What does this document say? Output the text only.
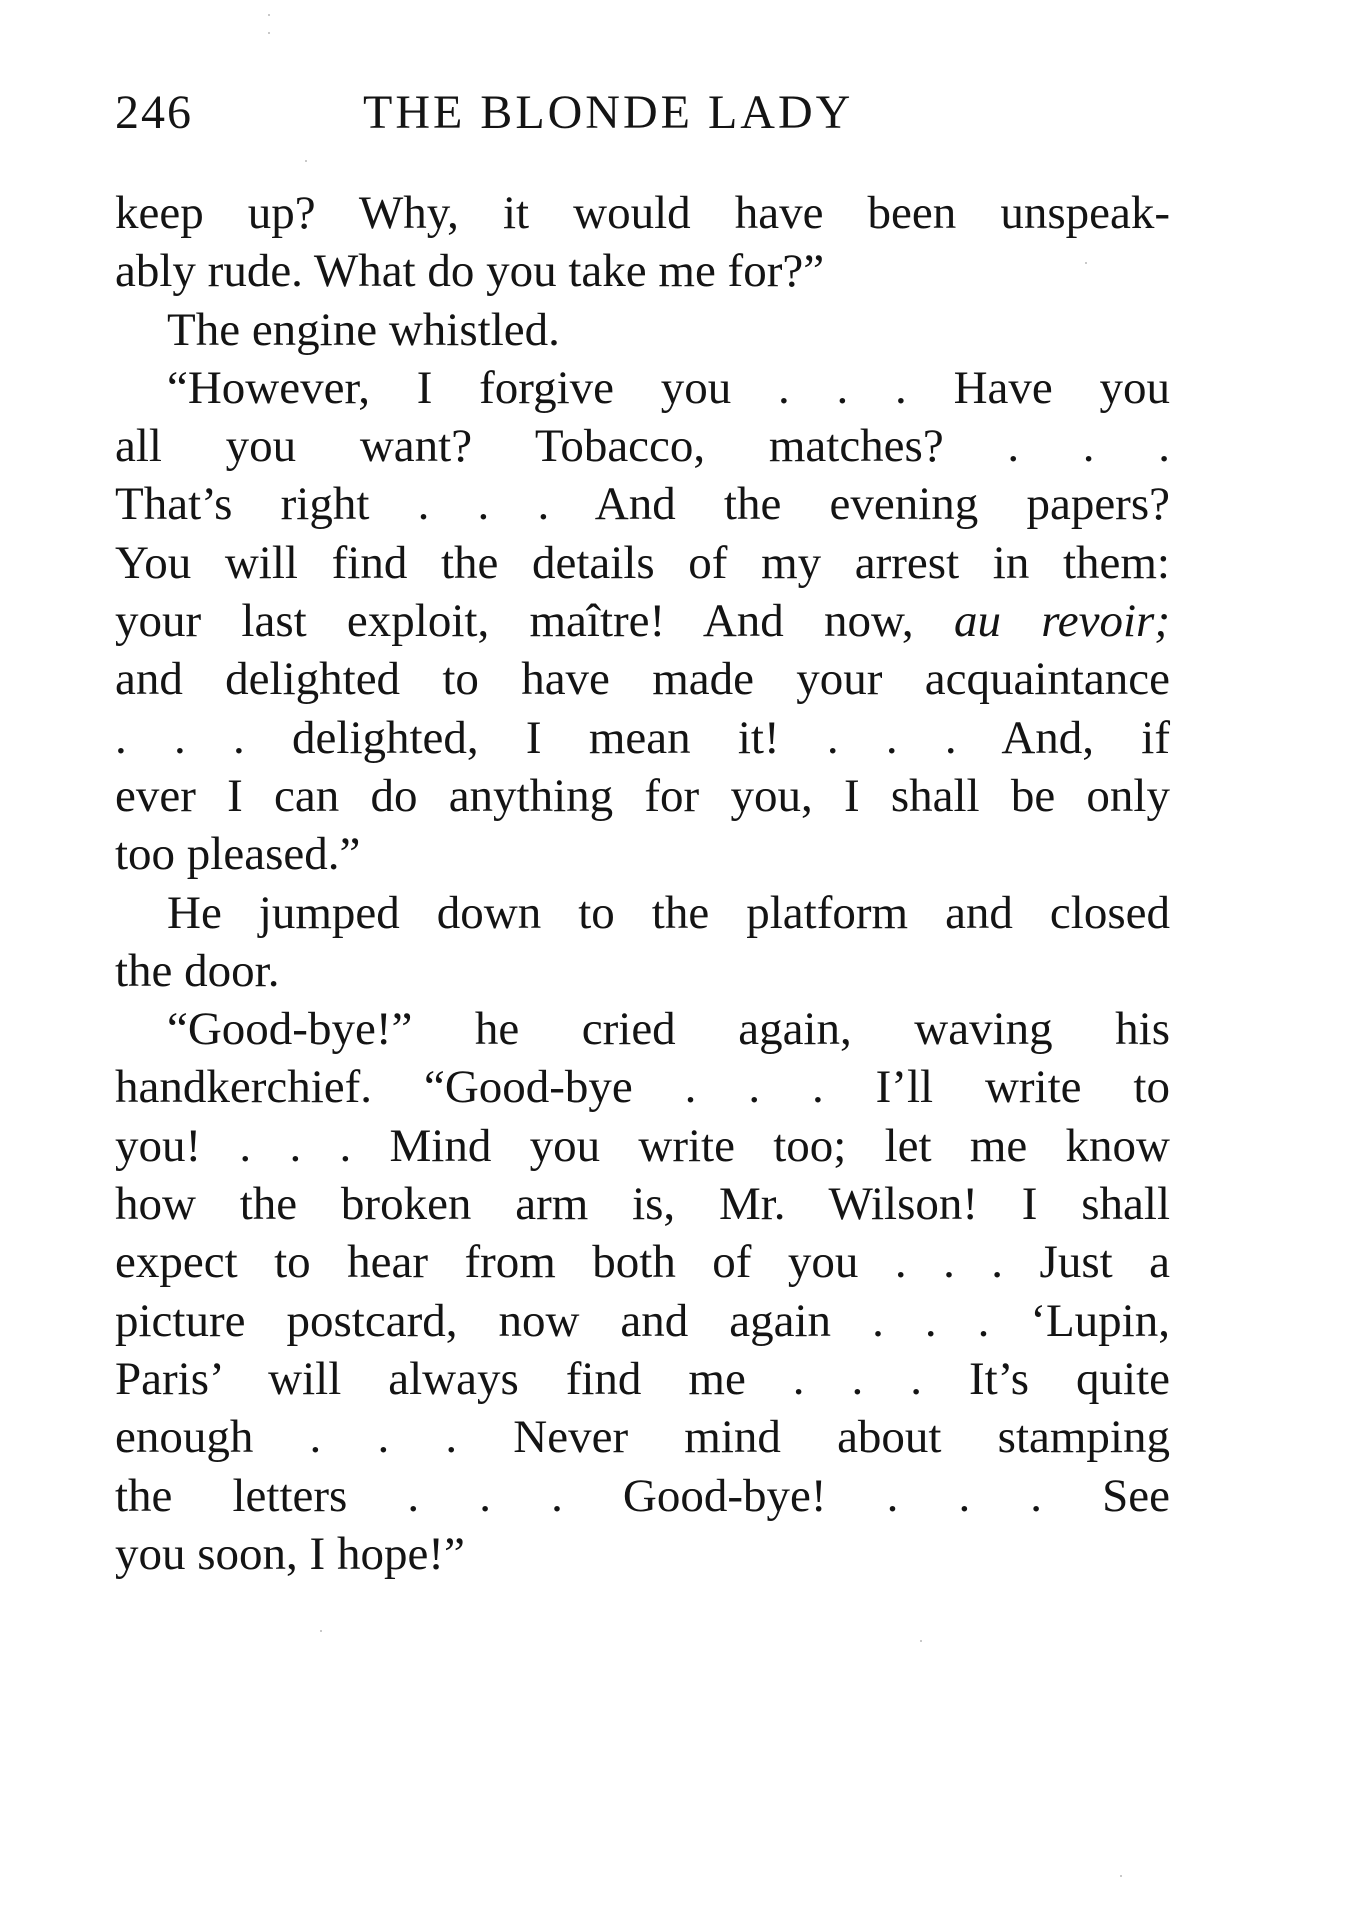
246	THE BLONDE LADY
keep up? Why, it would have been unspeak-
ably rude. What do you take me for?”
The engine whistled.
“However, I forgive you . . . Have you
all you want? Tobacco, matches? . . .
That’s right . . . And the evening papers?
You will find the details of my arrest in them:
your last exploit, maître! And now, au revoir;
and delighted to have made your acquaintance
. . . delighted, I mean it! . . . And, if
ever I can do anything for you, I shall be only
too pleased.”
He jumped down to the platform and closed
the door.
“Good-bye!” he cried again, waving his
handkerchief. “Good-bye . . . I’ll write to
you! . . . Mind you write too; let me know
how the broken arm is, Mr. Wilson! I shall
expect to hear from both of you . . . Just a
picture postcard, now and again . . . ‘Lupin,
Paris’ will always find me . . . It’s quite
enough . . . Never mind about stamping
the letters . . . Good-bye! . . . See
you soon, I hope!”
